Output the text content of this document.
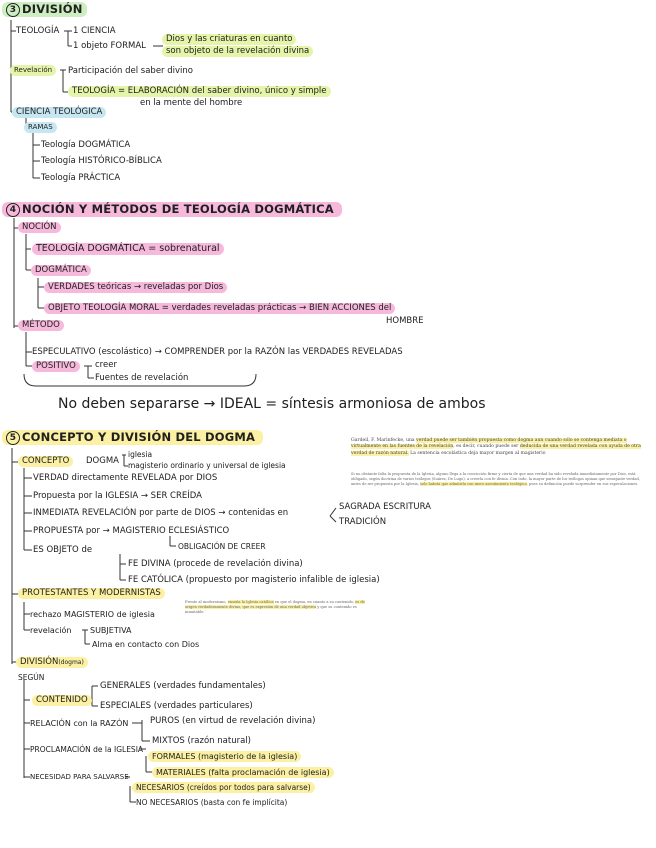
3 DIVISIÓN
TEOLOGÍA 1 CIENCIA
1 objeto FORMAL
Dios y las criaturas en cuanto
son objeto de la revelación divina
Revelación	Participación del saber divino
TEOLOGÍA = ELABORACIÓN del saber divino, único y simple
en la mente del hombre
CIENCIA TEOLÓGICA
RAMAS
Teología DOGMÁTICA
Teología HISTÓRICO-BÍBLICA
Teología PRÁCTICA
4 NOCIÓN Y MÉTODOS DE TEOLOGÍA DOGMÁTICA
NOCIÓN
TEOLOGÍA DOGMÁTICA = sobrenatural
DOGMÁTICA
VERDADES teóricas → reveladas por Dios
OBJETO TEOLOGÍA MORAL = verdades reveladas prácticas → BIEN ACCIONES del
HOMBRE
MÉTODO
ESPECULATIVO (escolástico) → COMPRENDER por la RAZÓN las VERDADES REVELADAS
POSITIVO	creer
Fuentes de revelación
No deben separarse → IDEAL = síntesis armoniosa de ambos
5 CONCEPTO Y DIVISIÓN DEL DOGMA
CONCEPTO	DOGMA
iglesia
magisterio ordinario y universal de iglesia
VERDAD directamente REVELADA por DIOS
Propuesta por la IGLESIA → SER CREÍDA
INMEDIATA REVELACIÓN por parte de DIOS → contenidas en
SAGRADA ESCRITURA
TRADICIÓN
PROPUESTA por → MAGISTERIO ECLESIÁSTICO
OBLIGACIÓN DE CREER
ES OBJETO de
FE DIVINA (procede de revelación divina)
FE CATÓLICA (propuesto por magisterio infalible de iglesia)
PROTESTANTES Y MODERNISTAS
rechazo MAGISTERIO de iglesia
revelación SUBJETIVA
Alma en contacto con Dios
DIVISIÓN(dogma)
SEGÚN
CONTENIDO
GENERALES (verdades fundamentales)
ESPECIALES (verdades particulares)
RELACIÓN con la RAZÓN	PUROS (en virtud de revelación divina)
MIXTOS (razón natural)
PROCLAMACIÓN de la IGLESIA
FORMALES (magisterio de la iglesia)
MATERIALES (falta proclamación de iglesia)
NECESIDAD PARA SALVARSE
NECESARIOS (creídos por todos para salvarse)
NO NECESARIOS (basta con fe implícita)
Gardeil, F. Marinfecke, una verdad puede ser también propuesta como dogma aun cuando sólo se contenga mediata o virtualmente en las fuentes de la revelación, es decir, cuando puede ser deducida de una verdad revelada con ayuda de otra verdad de razón natural. La sentencia escolástica deja mayor margen al magisterio
Si no obstante falta la propuesta de la Iglesia, alguno llega a la convicción firme y cierta de que una verdad ha sido revelada inmediatamente por Dios, está obligado, según doctrina de varios teólogos (Suárez, De Lugo), a creerla con fe divina. Con todo, la mayor parte de los teólogos opinan que semejante verdad, antes de ser propuesta por la Iglesia, solo habría que admitirla con mero asentimiento teológico, pues su definición puede sorprender en sus especulaciones.
Frente al modernismo, enseña la Iglesia católica en que el dogma, en cuanto a su contenido, es de origen verdaderamente divino, que es expresión de una verdad objetiva y que su contenido es inmutable.
